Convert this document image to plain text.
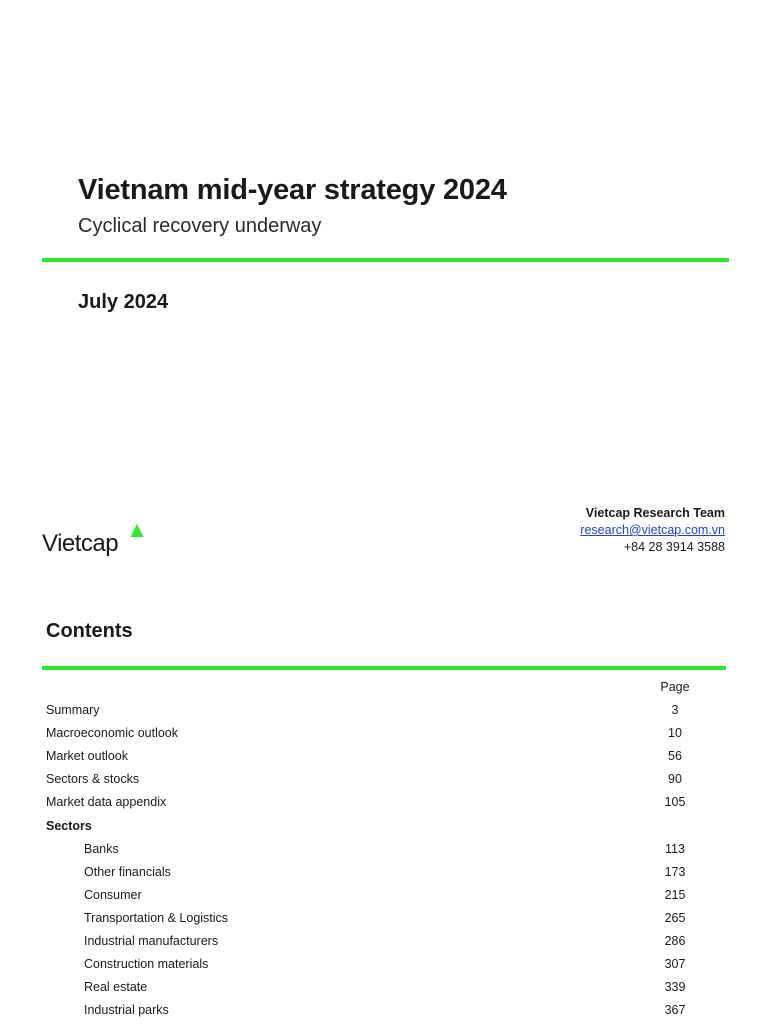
Vietnam mid-year strategy 2024
Cyclical recovery underway
July 2024
Vietcap
Vietcap Research Team
research@vietcap.com.vn
+84 28 3914 3588
Contents
Page
Summary	3
Macroeconomic outlook	10
Market outlook	56
Sectors & stocks	90
Market data appendix	105
Sectors
Banks	113
Other financials	173
Consumer	215
Transportation & Logistics	265
Industrial manufacturers	286
Construction materials	307
Real estate	339
Industrial parks	367
